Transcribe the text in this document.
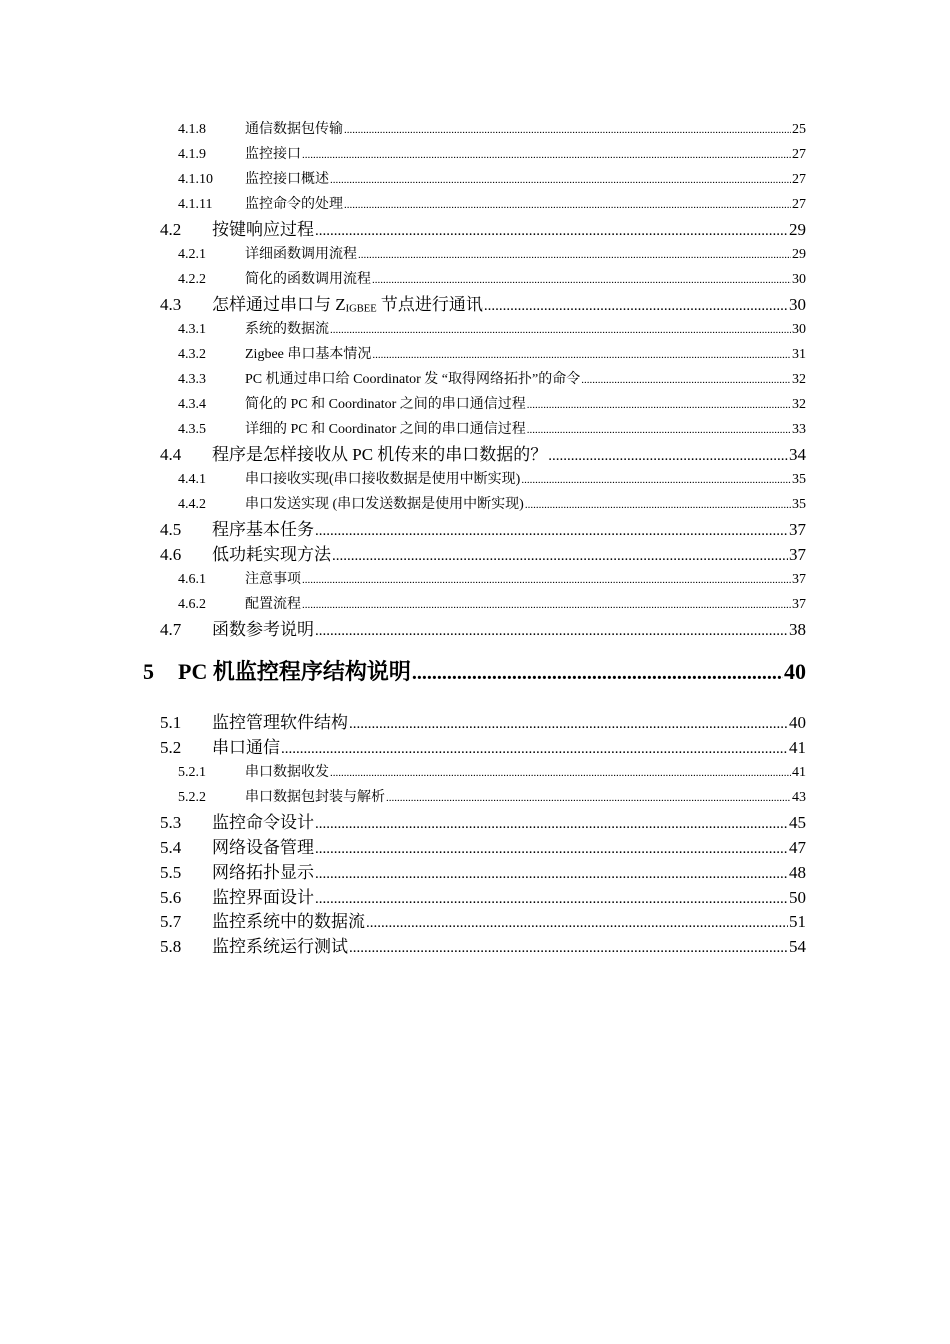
4.1.8	通信数据包传输 .....	25
4.1.9	监控接口 .....	27
4.1.10	监控接口概述 .....	27
4.1.11	监控命令的处理 .....	27
4.2	按键响应过程 .....	29
4.2.1	详细函数调用流程 .....	29
4.2.2	简化的函数调用流程 .....	30
4.3	怎样通过串口与 $Z_{IGBEE}$ 节点进行通讯 .....	30
4.3.1	系统的数据流 .....	30
4.3.2	Zigbee 串口基本情况 .....	31
4.3.3	PC 机通过串口给 Coordinator 发 “取得网络拓扑”的命令 .....	32
4.3.4	简化的 PC 和 Coordinator 之间的串口通信过程 .....	32
4.3.5	详细的 PC 和 Coordinator 之间的串口通信过程 .....	33
4.4	程序是怎样接收从 PC 机传来的串口数据的？ .....	34
4.4.1	串口接收实现(串口接收数据是使用中断实现) .....	35
4.4.2	串口发送实现 (串口发送数据是使用中断实现) .....	35
4.5	程序基本任务 .....	37
4.6	低功耗实现方法 .....	37
4.6.1	注意事项 .....	37
4.6.2	配置流程 .....	37
4.7	函数参考说明 .....	38
5	PC 机监控程序结构说明 .....	40
5.1	监控管理软件结构 .....	40
5.2	串口通信 .....	41
5.2.1	串口数据收发 .....	41
5.2.2	串口数据包封装与解析 .....	43
5.3	监控命令设计 .....	45
5.4	网络设备管理 .....	47
5.5	网络拓扑显示 .....	48
5.6	监控界面设计 .....	50
5.7	监控系统中的数据流 .....	51
5.8	监控系统运行测试 .....	54
